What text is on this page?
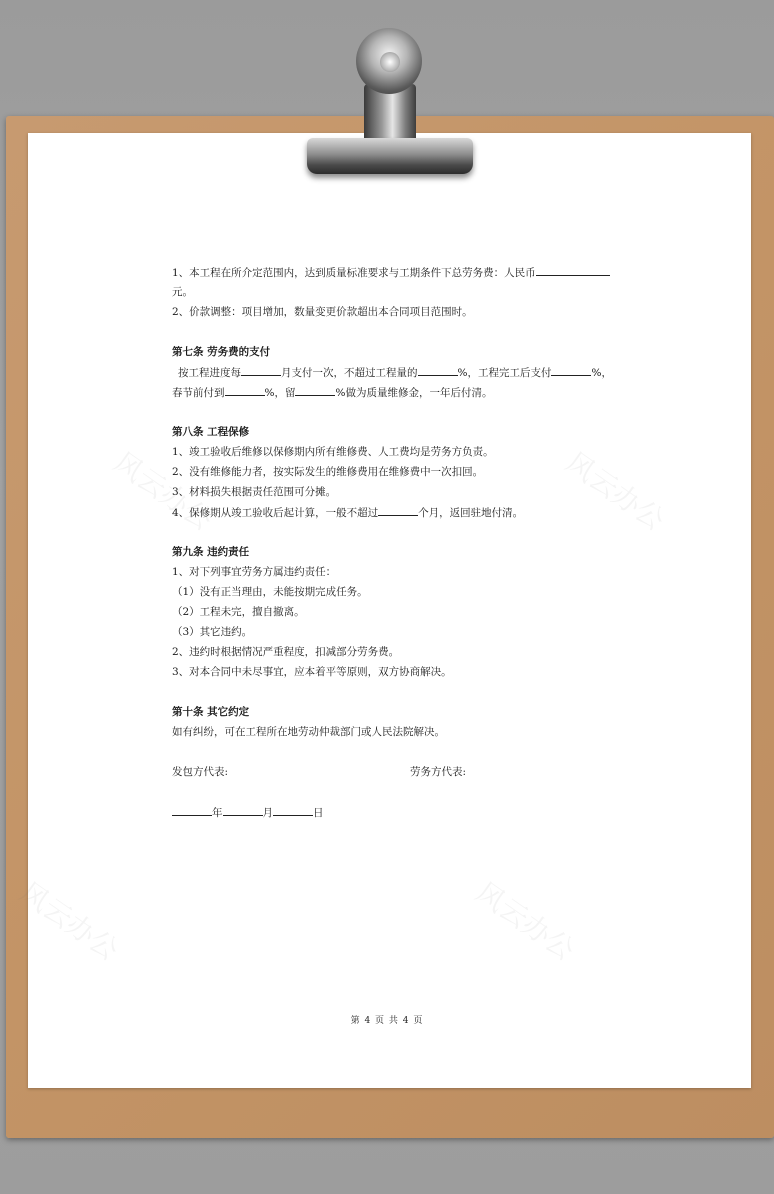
风云办公	风云办公
风云办公	风云办公
1、本工程在所介定范围内，达到质量标准要求与工期条件下总劳务费：人民币
元。
2、价款调整：项目增加，数量变更价款超出本合同项目范围时。
第七条 劳务费的支付
按工程进度每	月支付一次，不超过工程量的	%，工程完工后支付	%，
春节前付到	%，留	%做为质量维修金，一年后付清。
第八条 工程保修
1、竣工验收后维修以保修期内所有维修费、人工费均是劳务方负责。
2、没有维修能力者，按实际发生的维修费用在维修费中一次扣回。
3、材料损失根据责任范围可分摊。
4、保修期从竣工验收后起计算，一般不超过	个月，返回驻地付清。
第九条 违约责任
1、对下列事宜劳务方属违约责任：
（1）没有正当理由，未能按期完成任务。
（2）工程未完，擅自撤离。
（3）其它违约。
2、违约时根据情况严重程度，扣减部分劳务费。
3、对本合同中未尽事宜，应本着平等原则，双方协商解决。
第十条 其它约定
如有纠纷，可在工程所在地劳动仲裁部门或人民法院解决。
发包方代表:	劳务方代表:
年	月	日
第 4 页 共 4 页
